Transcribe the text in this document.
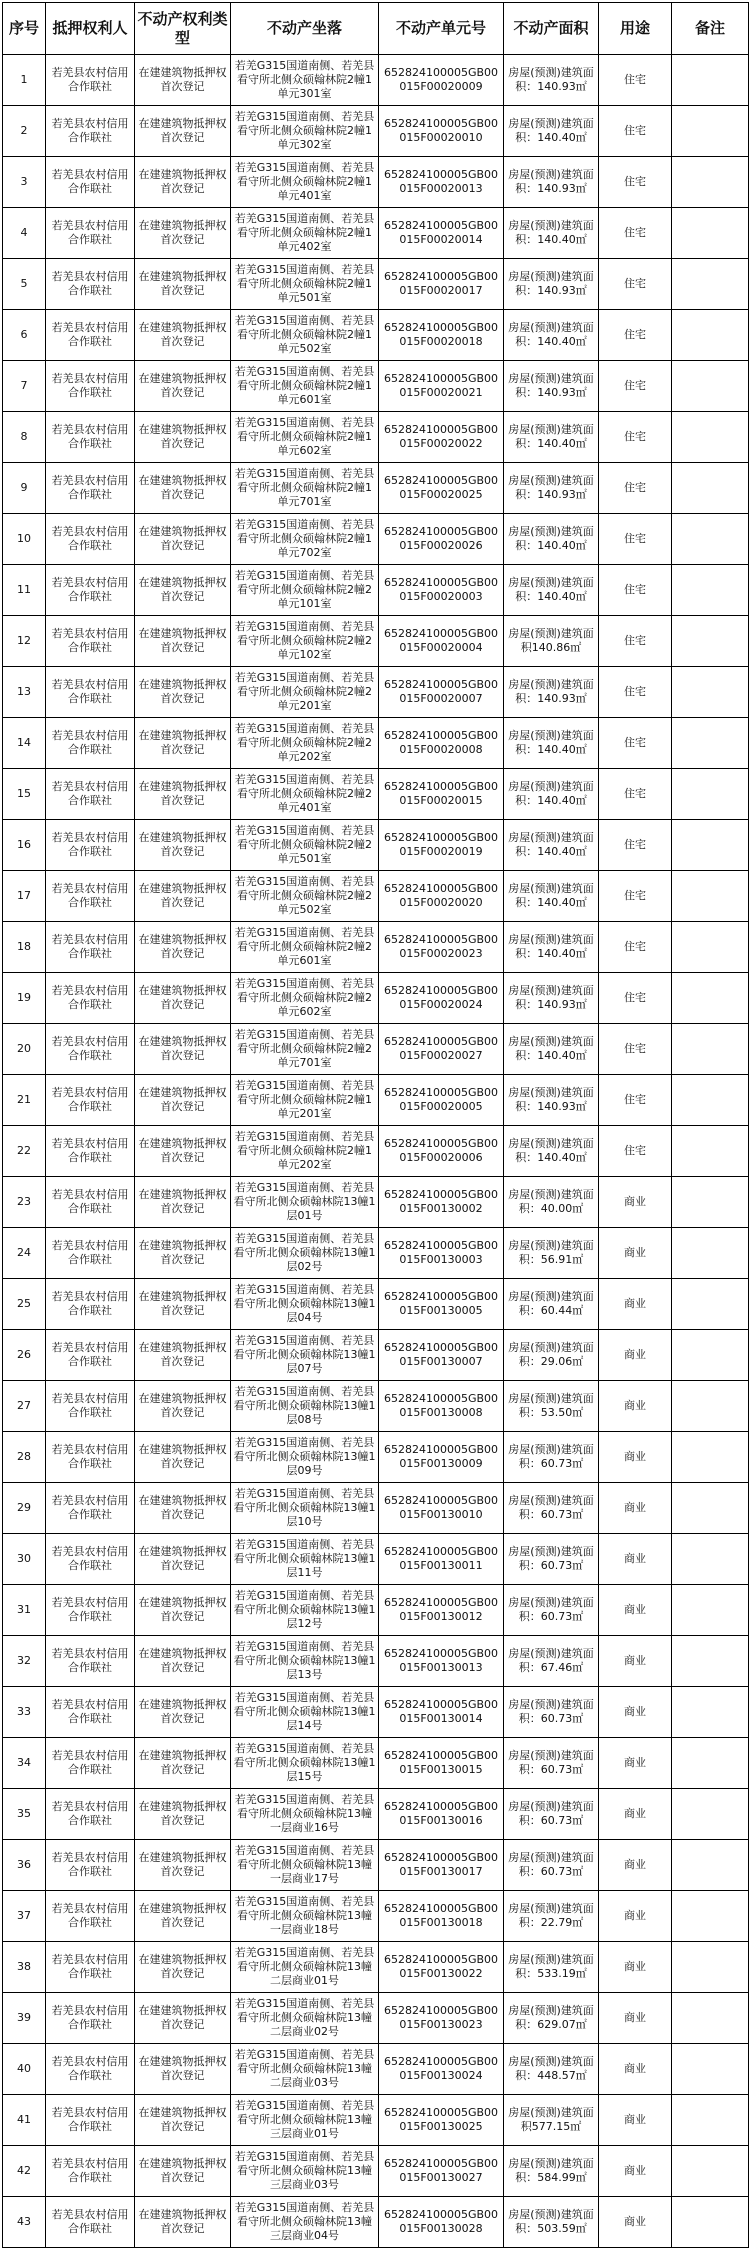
序号	抵押权利人	不动产权利类型	不动产坐落	不动产单元号	不动产面积	用途	备注
1	若羌县农村信用合作联社	在建建筑物抵押权首次登记	若羌G315国道南侧、若羌县看守所北侧众硕翰林院2幢1单元301室	652824100005GB00015F00020009	房屋(预测)建筑面积：140.93㎡	住宅	
2	若羌县农村信用合作联社	在建建筑物抵押权首次登记	若羌G315国道南侧、若羌县看守所北侧众硕翰林院2幢1单元302室	652824100005GB00015F00020010	房屋(预测)建筑面积：140.40㎡	住宅	
3	若羌县农村信用合作联社	在建建筑物抵押权首次登记	若羌G315国道南侧、若羌县看守所北侧众硕翰林院2幢1单元401室	652824100005GB00015F00020013	房屋(预测)建筑面积：140.93㎡	住宅	
4	若羌县农村信用合作联社	在建建筑物抵押权首次登记	若羌G315国道南侧、若羌县看守所北侧众硕翰林院2幢1单元402室	652824100005GB00015F00020014	房屋(预测)建筑面积：140.40㎡	住宅	
5	若羌县农村信用合作联社	在建建筑物抵押权首次登记	若羌G315国道南侧、若羌县看守所北侧众硕翰林院2幢1单元501室	652824100005GB00015F00020017	房屋(预测)建筑面积：140.93㎡	住宅	
6	若羌县农村信用合作联社	在建建筑物抵押权首次登记	若羌G315国道南侧、若羌县看守所北侧众硕翰林院2幢1单元502室	652824100005GB00015F00020018	房屋(预测)建筑面积：140.40㎡	住宅	
7	若羌县农村信用合作联社	在建建筑物抵押权首次登记	若羌G315国道南侧、若羌县看守所北侧众硕翰林院2幢1单元601室	652824100005GB00015F00020021	房屋(预测)建筑面积：140.93㎡	住宅	
8	若羌县农村信用合作联社	在建建筑物抵押权首次登记	若羌G315国道南侧、若羌县看守所北侧众硕翰林院2幢1单元602室	652824100005GB00015F00020022	房屋(预测)建筑面积：140.40㎡	住宅	
9	若羌县农村信用合作联社	在建建筑物抵押权首次登记	若羌G315国道南侧、若羌县看守所北侧众硕翰林院2幢1单元701室	652824100005GB00015F00020025	房屋(预测)建筑面积：140.93㎡	住宅	
10	若羌县农村信用合作联社	在建建筑物抵押权首次登记	若羌G315国道南侧、若羌县看守所北侧众硕翰林院2幢1单元702室	652824100005GB00015F00020026	房屋(预测)建筑面积：140.40㎡	住宅	
11	若羌县农村信用合作联社	在建建筑物抵押权首次登记	若羌G315国道南侧、若羌县看守所北侧众硕翰林院2幢2单元101室	652824100005GB00015F00020003	房屋(预测)建筑面积：140.40㎡	住宅	
12	若羌县农村信用合作联社	在建建筑物抵押权首次登记	若羌G315国道南侧、若羌县看守所北侧众硕翰林院2幢2单元102室	652824100005GB00015F00020004	房屋(预测)建筑面积140.86㎡	住宅	
13	若羌县农村信用合作联社	在建建筑物抵押权首次登记	若羌G315国道南侧、若羌县看守所北侧众硕翰林院2幢2单元201室	652824100005GB00015F00020007	房屋(预测)建筑面积：140.93㎡	住宅	
14	若羌县农村信用合作联社	在建建筑物抵押权首次登记	若羌G315国道南侧、若羌县看守所北侧众硕翰林院2幢2单元202室	652824100005GB00015F00020008	房屋(预测)建筑面积：140.40㎡	住宅	
15	若羌县农村信用合作联社	在建建筑物抵押权首次登记	若羌G315国道南侧、若羌县看守所北侧众硕翰林院2幢2单元401室	652824100005GB00015F00020015	房屋(预测)建筑面积：140.40㎡	住宅	
16	若羌县农村信用合作联社	在建建筑物抵押权首次登记	若羌G315国道南侧、若羌县看守所北侧众硕翰林院2幢2单元501室	652824100005GB00015F00020019	房屋(预测)建筑面积：140.40㎡	住宅	
17	若羌县农村信用合作联社	在建建筑物抵押权首次登记	若羌G315国道南侧、若羌县看守所北侧众硕翰林院2幢2单元502室	652824100005GB00015F00020020	房屋(预测)建筑面积：140.40㎡	住宅	
18	若羌县农村信用合作联社	在建建筑物抵押权首次登记	若羌G315国道南侧、若羌县看守所北侧众硕翰林院2幢2单元601室	652824100005GB00015F00020023	房屋(预测)建筑面积：140.40㎡	住宅	
19	若羌县农村信用合作联社	在建建筑物抵押权首次登记	若羌G315国道南侧、若羌县看守所北侧众硕翰林院2幢2单元602室	652824100005GB00015F00020024	房屋(预测)建筑面积：140.93㎡	住宅	
20	若羌县农村信用合作联社	在建建筑物抵押权首次登记	若羌G315国道南侧、若羌县看守所北侧众硕翰林院2幢2单元701室	652824100005GB00015F00020027	房屋(预测)建筑面积：140.40㎡	住宅	
21	若羌县农村信用合作联社	在建建筑物抵押权首次登记	若羌G315国道南侧、若羌县看守所北侧众硕翰林院2幢1单元201室	652824100005GB00015F00020005	房屋(预测)建筑面积：140.93㎡	住宅	
22	若羌县农村信用合作联社	在建建筑物抵押权首次登记	若羌G315国道南侧、若羌县看守所北侧众硕翰林院2幢1单元202室	652824100005GB00015F00020006	房屋(预测)建筑面积：140.40㎡	住宅	
23	若羌县农村信用合作联社	在建建筑物抵押权首次登记	若羌G315国道南侧、若羌县看守所北侧众硕翰林院13幢1层01号	652824100005GB00015F00130002	房屋(预测)建筑面积：40.00㎡	商业	
24	若羌县农村信用合作联社	在建建筑物抵押权首次登记	若羌G315国道南侧、若羌县看守所北侧众硕翰林院13幢1层02号	652824100005GB00015F00130003	房屋(预测)建筑面积：56.91㎡	商业	
25	若羌县农村信用合作联社	在建建筑物抵押权首次登记	若羌G315国道南侧、若羌县看守所北侧众硕翰林院13幢1层04号	652824100005GB00015F00130005	房屋(预测)建筑面积：60.44㎡	商业	
26	若羌县农村信用合作联社	在建建筑物抵押权首次登记	若羌G315国道南侧、若羌县看守所北侧众硕翰林院13幢1层07号	652824100005GB00015F00130007	房屋(预测)建筑面积：29.06㎡	商业	
27	若羌县农村信用合作联社	在建建筑物抵押权首次登记	若羌G315国道南侧、若羌县看守所北侧众硕翰林院13幢1层08号	652824100005GB00015F00130008	房屋(预测)建筑面积：53.50㎡	商业	
28	若羌县农村信用合作联社	在建建筑物抵押权首次登记	若羌G315国道南侧、若羌县看守所北侧众硕翰林院13幢1层09号	652824100005GB00015F00130009	房屋(预测)建筑面积：60.73㎡	商业	
29	若羌县农村信用合作联社	在建建筑物抵押权首次登记	若羌G315国道南侧、若羌县看守所北侧众硕翰林院13幢1层10号	652824100005GB00015F00130010	房屋(预测)建筑面积：60.73㎡	商业	
30	若羌县农村信用合作联社	在建建筑物抵押权首次登记	若羌G315国道南侧、若羌县看守所北侧众硕翰林院13幢1层11号	652824100005GB00015F00130011	房屋(预测)建筑面积：60.73㎡	商业	
31	若羌县农村信用合作联社	在建建筑物抵押权首次登记	若羌G315国道南侧、若羌县看守所北侧众硕翰林院13幢1层12号	652824100005GB00015F00130012	房屋(预测)建筑面积：60.73㎡	商业	
32	若羌县农村信用合作联社	在建建筑物抵押权首次登记	若羌G315国道南侧、若羌县看守所北侧众硕翰林院13幢1层13号	652824100005GB00015F00130013	房屋(预测)建筑面积：67.46㎡	商业	
33	若羌县农村信用合作联社	在建建筑物抵押权首次登记	若羌G315国道南侧、若羌县看守所北侧众硕翰林院13幢1层14号	652824100005GB00015F00130014	房屋(预测)建筑面积：60.73㎡	商业	
34	若羌县农村信用合作联社	在建建筑物抵押权首次登记	若羌G315国道南侧、若羌县看守所北侧众硕翰林院13幢1层15号	652824100005GB00015F00130015	房屋(预测)建筑面积：60.73㎡	商业	
35	若羌县农村信用合作联社	在建建筑物抵押权首次登记	若羌G315国道南侧、若羌县看守所北侧众硕翰林院13幢一层商业16号	652824100005GB00015F00130016	房屋(预测)建筑面积：60.73㎡	商业	
36	若羌县农村信用合作联社	在建建筑物抵押权首次登记	若羌G315国道南侧、若羌县看守所北侧众硕翰林院13幢一层商业17号	652824100005GB00015F00130017	房屋(预测)建筑面积：60.73㎡	商业	
37	若羌县农村信用合作联社	在建建筑物抵押权首次登记	若羌G315国道南侧、若羌县看守所北侧众硕翰林院13幢一层商业18号	652824100005GB00015F00130018	房屋(预测)建筑面积：22.79㎡	商业	
38	若羌县农村信用合作联社	在建建筑物抵押权首次登记	若羌G315国道南侧、若羌县看守所北侧众硕翰林院13幢二层商业01号	652824100005GB00015F00130022	房屋(预测)建筑面积：533.19㎡	商业	
39	若羌县农村信用合作联社	在建建筑物抵押权首次登记	若羌G315国道南侧、若羌县看守所北侧众硕翰林院13幢二层商业02号	652824100005GB00015F00130023	房屋(预测)建筑面积：629.07㎡	商业	
40	若羌县农村信用合作联社	在建建筑物抵押权首次登记	若羌G315国道南侧、若羌县看守所北侧众硕翰林院13幢二层商业03号	652824100005GB00015F00130024	房屋(预测)建筑面积：448.57㎡	商业	
41	若羌县农村信用合作联社	在建建筑物抵押权首次登记	若羌G315国道南侧、若羌县看守所北侧众硕翰林院13幢三层商业01号	652824100005GB00015F00130025	房屋(预测)建筑面积577.15㎡	商业	
42	若羌县农村信用合作联社	在建建筑物抵押权首次登记	若羌G315国道南侧、若羌县看守所北侧众硕翰林院13幢三层商业03号	652824100005GB00015F00130027	房屋(预测)建筑面积：584.99㎡	商业	
43	若羌县农村信用合作联社	在建建筑物抵押权首次登记	若羌G315国道南侧、若羌县看守所北侧众硕翰林院13幢三层商业04号	652824100005GB00015F00130028	房屋(预测)建筑面积：503.59㎡	商业	
